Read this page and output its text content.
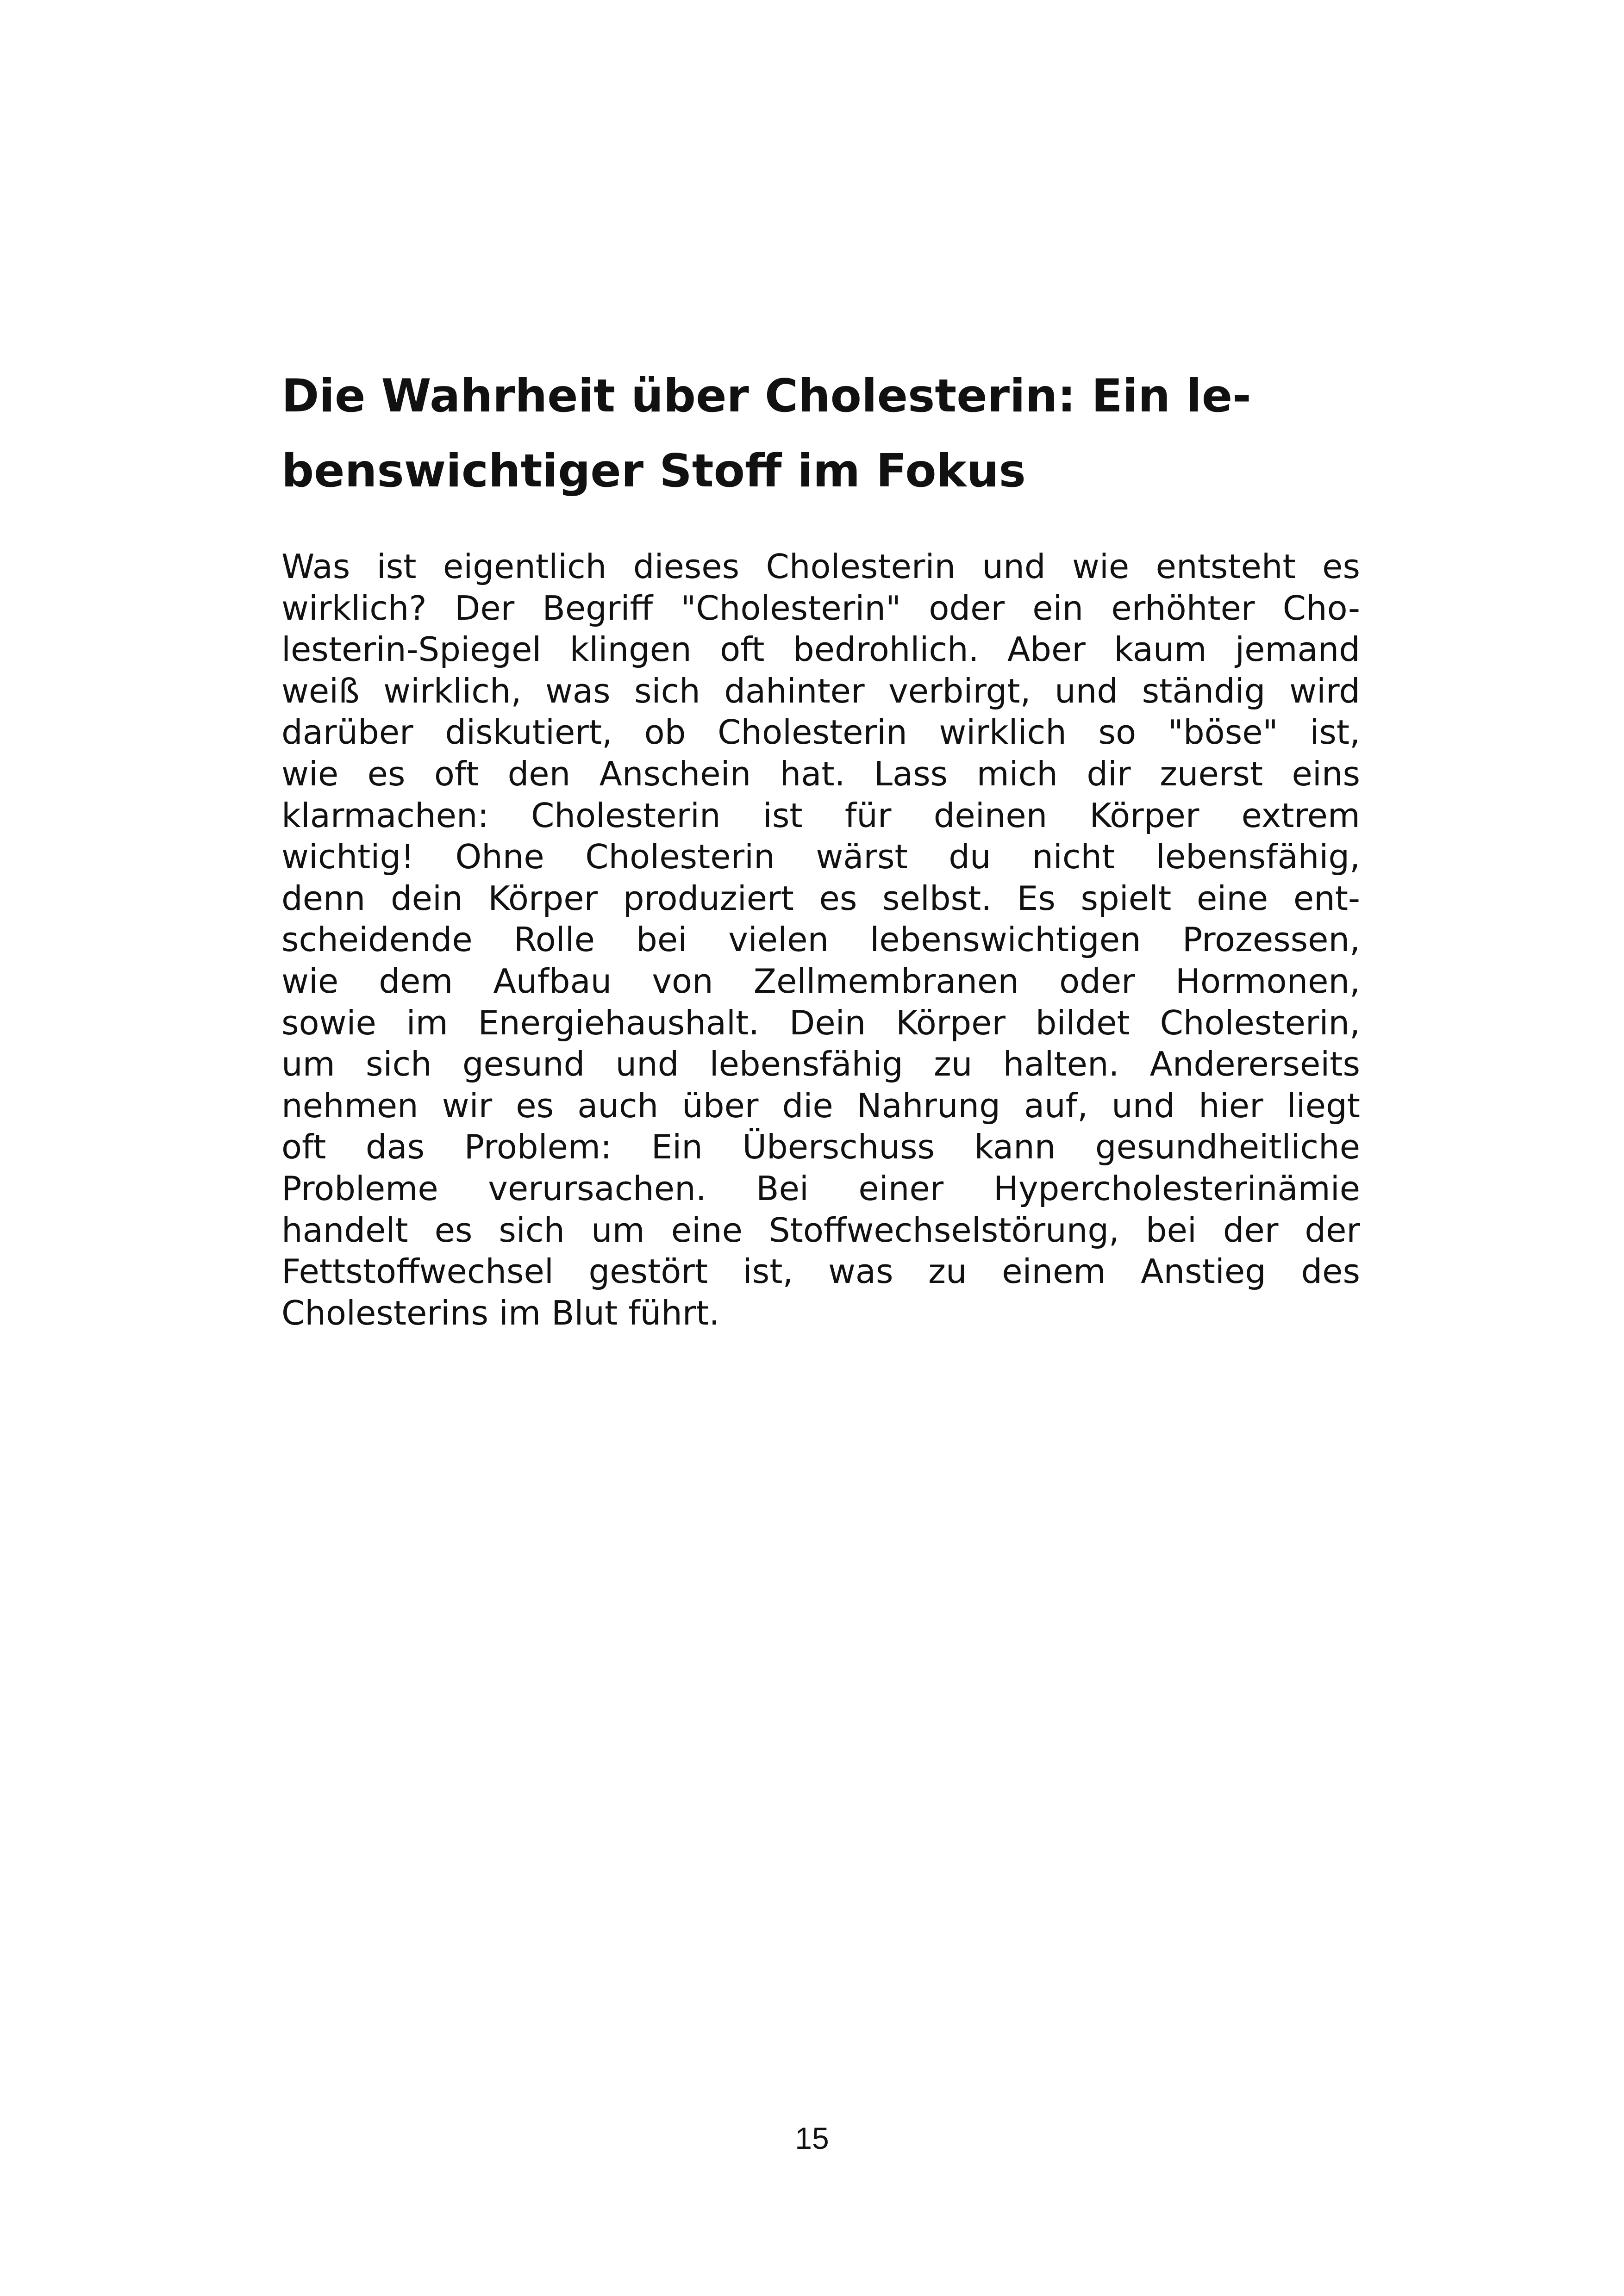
Die Wahrheit über Cholesterin: Ein le-
benswichtiger Stoff im Fokus
Was ist eigentlich dieses Cholesterin und wie entsteht es
wirklich? Der Begriff "Cholesterin" oder ein erhöhter Cho-
lesterin-Spiegel klingen oft bedrohlich. Aber kaum jemand
weiß wirklich, was sich dahinter verbirgt, und ständig wird
darüber diskutiert, ob Cholesterin wirklich so "böse" ist,
wie es oft den Anschein hat. Lass mich dir zuerst eins
klarmachen: Cholesterin ist für deinen Körper extrem
wichtig! Ohne Cholesterin wärst du nicht lebensfähig,
denn dein Körper produziert es selbst. Es spielt eine ent-
scheidende Rolle bei vielen lebenswichtigen Prozessen,
wie dem Aufbau von Zellmembranen oder Hormonen,
sowie im Energiehaushalt. Dein Körper bildet Cholesterin,
um sich gesund und lebensfähig zu halten. Andererseits
nehmen wir es auch über die Nahrung auf, und hier liegt
oft das Problem: Ein Überschuss kann gesundheitliche
Probleme verursachen. Bei einer Hypercholesterinämie
handelt es sich um eine Stoffwechselstörung, bei der der
Fettstoffwechsel gestört ist, was zu einem Anstieg des
Cholesterins im Blut führt.
15
